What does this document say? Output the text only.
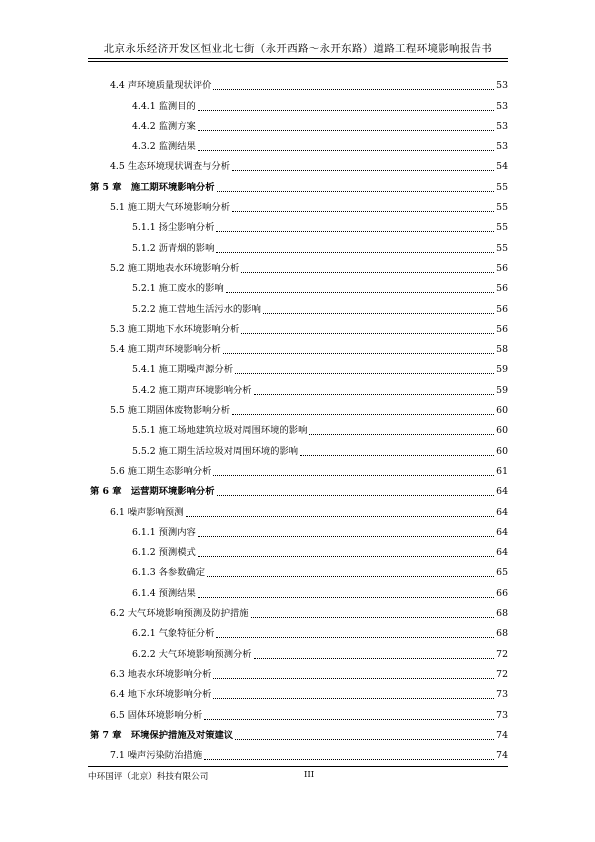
北京永乐经济开发区恒业北七街（永开西路～永开东路）道路工程环境影响报告书
4.4 声环境质量现状评价	53
4.4.1 监测目的	53
4.4.2 监测方案	53
4.3.2 监测结果	53
4.5 生态环境现状调查与分析	54
第 5 章　施工期环境影响分析	55
5.1 施工期大气环境影响分析	55
5.1.1 扬尘影响分析	55
5.1.2 沥青烟的影响	55
5.2 施工期地表水环境影响分析	56
5.2.1 施工废水的影响	56
5.2.2 施工营地生活污水的影响	56
5.3 施工期地下水环境影响分析	56
5.4 施工期声环境影响分析	58
5.4.1 施工期噪声源分析	59
5.4.2 施工期声环境影响分析	59
5.5 施工期固体废物影响分析	60
5.5.1 施工场地建筑垃圾对周围环境的影响	60
5.5.2 施工期生活垃圾对周围环境的影响	60
5.6 施工期生态影响分析	61
第 6 章　运营期环境影响分析	64
6.1 噪声影响预测	64
6.1.1 预测内容	64
6.1.2 预测模式	64
6.1.3 各参数确定	65
6.1.4 预测结果	66
6.2 大气环境影响预测及防护措施	68
6.2.1 气象特征分析	68
6.2.2 大气环境影响预测分析	72
6.3 地表水环境影响分析	72
6.4 地下水环境影响分析	73
6.5 固体环境影响分析	73
第 7 章　环境保护措施及对策建议	74
7.1 噪声污染防治措施	74
中环国评（北京）科技有限公司	III
